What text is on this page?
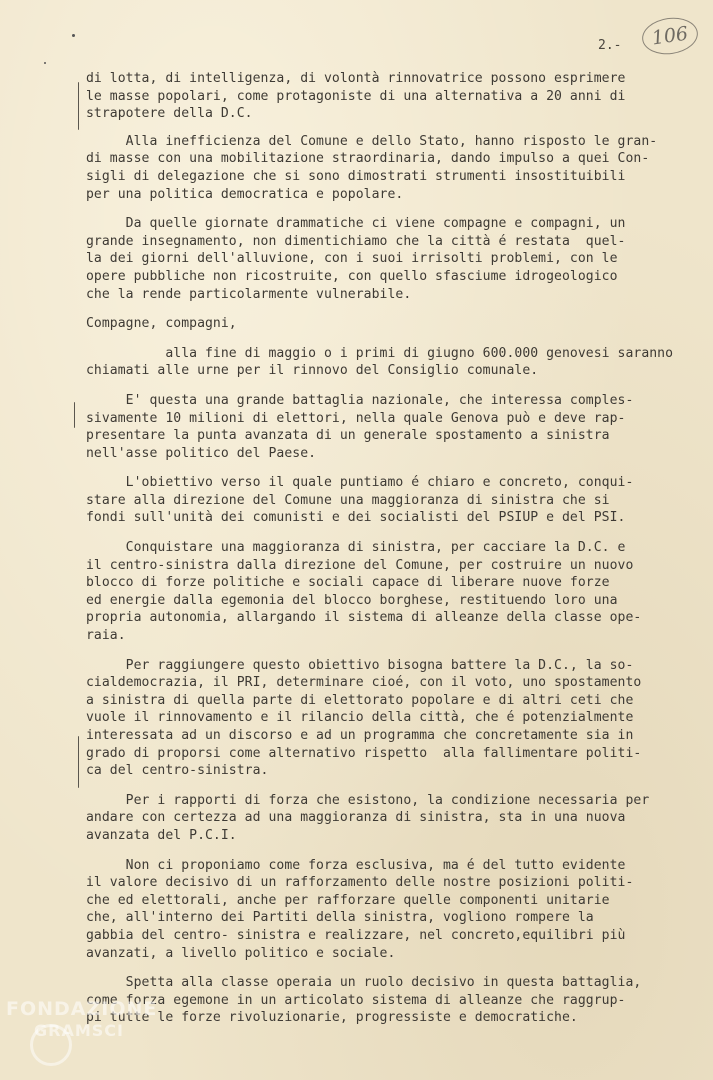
2.-	106

di lotta, di intelligenza, di volontà rinnovatrice possono esprimere
le masse popolari, come protagoniste di una alternativa a 20 anni di
strapotere della D.C.

Alla inefficienza del Comune e dello Stato, hanno risposto le gran-
di masse con una mobilitazione straordinaria, dando impulso a quei Con-
sigli di delegazione che si sono dimostrati strumenti insostituibili
per una politica democratica e popolare.

Da quelle giornate drammatiche ci viene compagne e compagni, un
grande insegnamento, non dimentichiamo che la città é restata  quel-
la dei giorni dell'alluvione, con i suoi irrisolti problemi, con le
opere pubbliche non ricostruite, con quello sfasciume idrogeologico
che la rende particolarmente vulnerabile.

Compagne, compagni,

alla fine di maggio o i primi di giugno 600.000 genovesi saranno
chiamati alle urne per il rinnovo del Consiglio comunale.

E' questa una grande battaglia nazionale, che interessa comples-
sivamente 10 milioni di elettori, nella quale Genova può e deve rap-
presentare la punta avanzata di un generale spostamento a sinistra
nell'asse politico del Paese.

L'obiettivo verso il quale puntiamo é chiaro e concreto, conqui-
stare alla direzione del Comune una maggioranza di sinistra che si
fondi sull'unità dei comunisti e dei socialisti del PSIUP e del PSI.

Conquistare una maggioranza di sinistra, per cacciare la D.C. e
il centro-sinistra dalla direzione del Comune, per costruire un nuovo
blocco di forze politiche e sociali capace di liberare nuove forze
ed energie dalla egemonia del blocco borghese, restituendo loro una
propria autonomia, allargando il sistema di alleanze della classe ope-
raia.

Per raggiungere questo obiettivo bisogna battere la D.C., la so-
cialdemocrazia, il PRI, determinare cioé, con il voto, uno spostamento
a sinistra di quella parte di elettorato popolare e di altri ceti che
vuole il rinnovamento e il rilancio della città, che é potenzialmente
interessata ad un discorso e ad un programma che concretamente sia in
grado di proporsi come alternativo rispetto  alla fallimentare politi-
ca del centro-sinistra.

Per i rapporti di forza che esistono, la condizione necessaria per
andare con certezza ad una maggioranza di sinistra, sta in una nuova
avanzata del P.C.I.

Non ci proponiamo come forza esclusiva, ma é del tutto evidente
il valore decisivo di un rafforzamento delle nostre posizioni politi-
che ed elettorali, anche per rafforzare quelle componenti unitarie
che, all'interno dei Partiti della sinistra, vogliono rompere la
gabbia del centro- sinistra e realizzare, nel concreto,equilibri più
avanzati, a livello politico e sociale.

Spetta alla classe operaia un ruolo decisivo in questa battaglia,
come forza egemone in un articolato sistema di alleanze che raggrup-
pi tutte le forze rivoluzionarie, progressiste e democratiche.

FONDAZIONE
GRAMSCI
